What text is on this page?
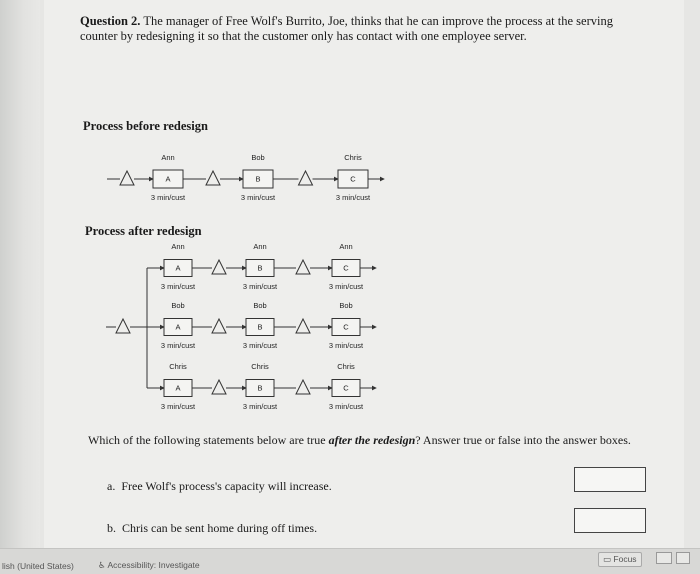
Question 2. The manager of Free Wolf's Burrito, Joe, thinks that he can improve the process at the serving counter by redesigning it so that the customer only has contact with one employee server.
Process before redesign
Process after redesign
A
Ann
3 min/cust
B
Bob
3 min/cust
C
Chris
3 min/cust
A
Ann
3 min/cust
B
Ann
3 min/cust
C
Ann
3 min/cust
A
Bob
3 min/cust
B
Bob
3 min/cust
C
Bob
3 min/cust
A
Chris
3 min/cust
B
Chris
3 min/cust
C
Chris
3 min/cust
Which of the following statements below are true after the redesign? Answer true or false into the answer boxes.
a. Free Wolf's process's capacity will increase.
b. Chris can be sent home during off times.
lish (United States)	♿ Accessibility: Investigate
▭ Focus
